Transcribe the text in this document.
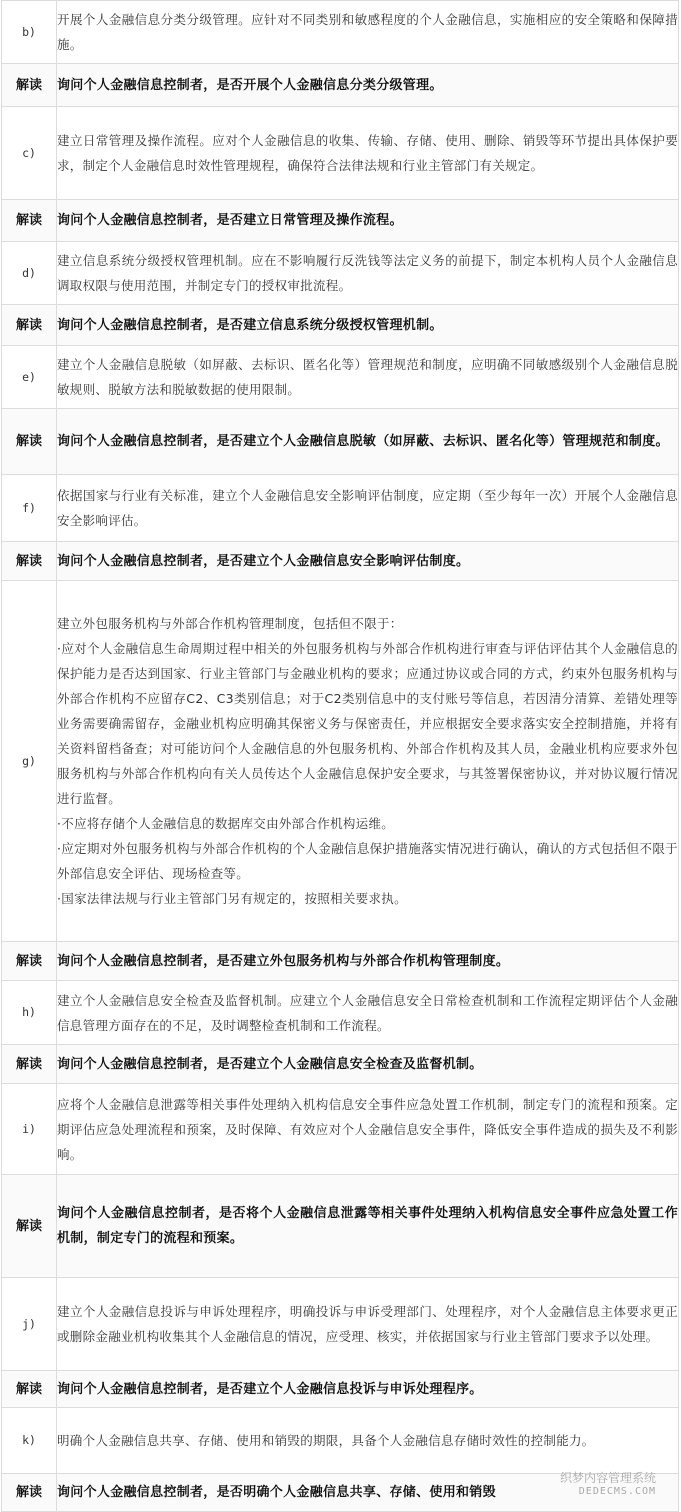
b)	开展个人金融信息分类分级管理。应针对不同类别和敏感程度的个人金融信息，实施相应的安全策略和保障措施。
解读	询问个人金融信息控制者，是否开展个人金融信息分类分级管理。
c)	建立日常管理及操作流程。应对个人金融信息的收集、传输、存储、使用、删除、销毁等环节提出具体保护要求，制定个人金融信息时效性管理规程，确保符合法律法规和行业主管部门有关规定。
解读	询问个人金融信息控制者，是否建立日常管理及操作流程。
d)	建立信息系统分级授权管理机制。应在不影响履行反洗钱等法定义务的前提下，制定本机构人员个人金融信息调取权限与使用范围，并制定专门的授权审批流程。
解读	询问个人金融信息控制者，是否建立信息系统分级授权管理机制。
e)	建立个人金融信息脱敏（如屏蔽、去标识、匿名化等）管理规范和制度，应明确不同敏感级别个人金融信息脱敏规则、脱敏方法和脱敏数据的使用限制。
解读	询问个人金融信息控制者，是否建立个人金融信息脱敏（如屏蔽、去标识、匿名化等）管理规范和制度。
f)	依据国家与行业有关标准，建立个人金融信息安全影响评估制度，应定期（至少每年一次）开展个人金融信息安全影响评估。
解读	询问个人金融信息控制者，是否建立个人金融信息安全影响评估制度。
g)	建立外包服务机构与外部合作机构管理制度，包括但不限于：
·应对个人金融信息生命周期过程中相关的外包服务机构与外部合作机构进行审查与评估评估其个人金融信息的保护能力是否达到国家、行业主管部门与金融业机构的要求；应通过协议或合同的方式，约束外包服务机构与外部合作机构不应留存C2、C3类别信息；对于C2类别信息中的支付账号等信息，若因清分清算、差错处理等业务需要确需留存，金融业机构应明确其保密义务与保密责任，并应根据安全要求落实安全控制措施，并将有关资料留档备查；对可能访问个人金融信息的外包服务机构、外部合作机构及其人员，金融业机构应要求外包服务机构与外部合作机构向有关人员传达个人金融信息保护安全要求，与其签署保密协议，并对协议履行情况进行监督。
·不应将存储个人金融信息的数据库交由外部合作机构运维。
·应定期对外包服务机构与外部合作机构的个人金融信息保护措施落实情况进行确认，确认的方式包括但不限于外部信息安全评估、现场检查等。
·国家法律法规与行业主管部门另有规定的，按照相关要求执。

解读	询问个人金融信息控制者，是否建立外包服务机构与外部合作机构管理制度。
h)	建立个人金融信息安全检查及监督机制。应建立个人金融信息安全日常检查机制和工作流程定期评估个人金融信息管理方面存在的不足，及时调整检查机制和工作流程。
解读	询问个人金融信息控制者，是否建立个人金融信息安全检查及监督机制。
i)	应将个人金融信息泄露等相关事件处理纳入机构信息安全事件应急处置工作机制，制定专门的流程和预案。定期评估应急处理流程和预案，及时保障、有效应对个人金融信息安全事件，降低安全事件造成的损失及不利影响。
解读	询问个人金融信息控制者，是否将个人金融信息泄露等相关事件处理纳入机构信息安全事件应急处置工作机制，制定专门的流程和预案。
j)	建立个人金融信息投诉与申诉处理程序，明确投诉与申诉受理部门、处理程序，对个人金融信息主体要求更正或删除金融业机构收集其个人金融信息的情况，应受理、核实，并依据国家与行业主管部门要求予以处理。
解读	询问个人金融信息控制者，是否建立个人金融信息投诉与申诉处理程序。
k)	明确个人金融信息共享、存储、使用和销毁的期限，具备个人金融信息存储时效性的控制能力。
解读	询问个人金融信息控制者，是否明确个人金融信息共享、存储、使用和销毁
织梦内容管理系统
DEDECMS.COM
